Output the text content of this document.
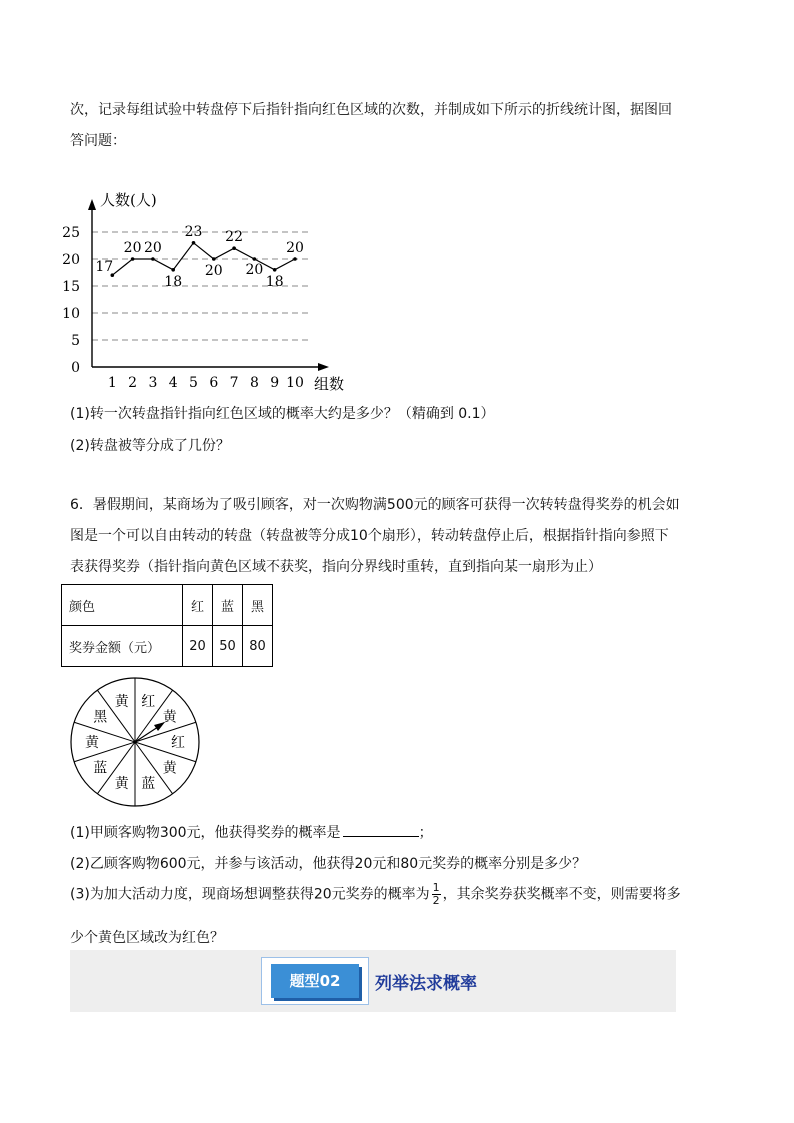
次，记录每组试验中转盘停下后指针指向红色区域的次数，并制成如下所示的折线统计图，据图回答问题：

0
5
10
15
20
25
1 2 3 4 5 6 7 8 9 10
17
20 20
18
23
20
22
20
18
20
人数(人)
组数
(1)转一次转盘指针指向红色区域的概率大约是多少？（精确到 0.1）
(2)转盘被等分成了几份？

6．暑假期间，某商场为了吸引顾客，对一次购物满500元的顾客可获得一次转转盘得奖券的机会如图是一个可以自由转动的转盘（转盘被等分成10个扇形），转动转盘停止后，根据指针指向参照下表获得奖券（指针指向黄色区域不获奖，指向分界线时重转，直到指向某一扇形为止）

颜色	红	蓝	黑
奖券金额（元）	20	50	80
红
黄
红
黄
蓝
黄
蓝
黄
黑
黄
(1)甲顾客购物300元，他获得奖券的概率是	；
(2)乙顾客购物600元，并参与该活动，他获得20元和80元奖券的概率分别是多少？
(3)为加大活动力度，现商场想调整获得20元奖券的概率为 $\frac{1}{2}$ ，其余奖券获奖概率不变，则需要将多
少个黄色区域改为红色？
题型02	列举法求概率
